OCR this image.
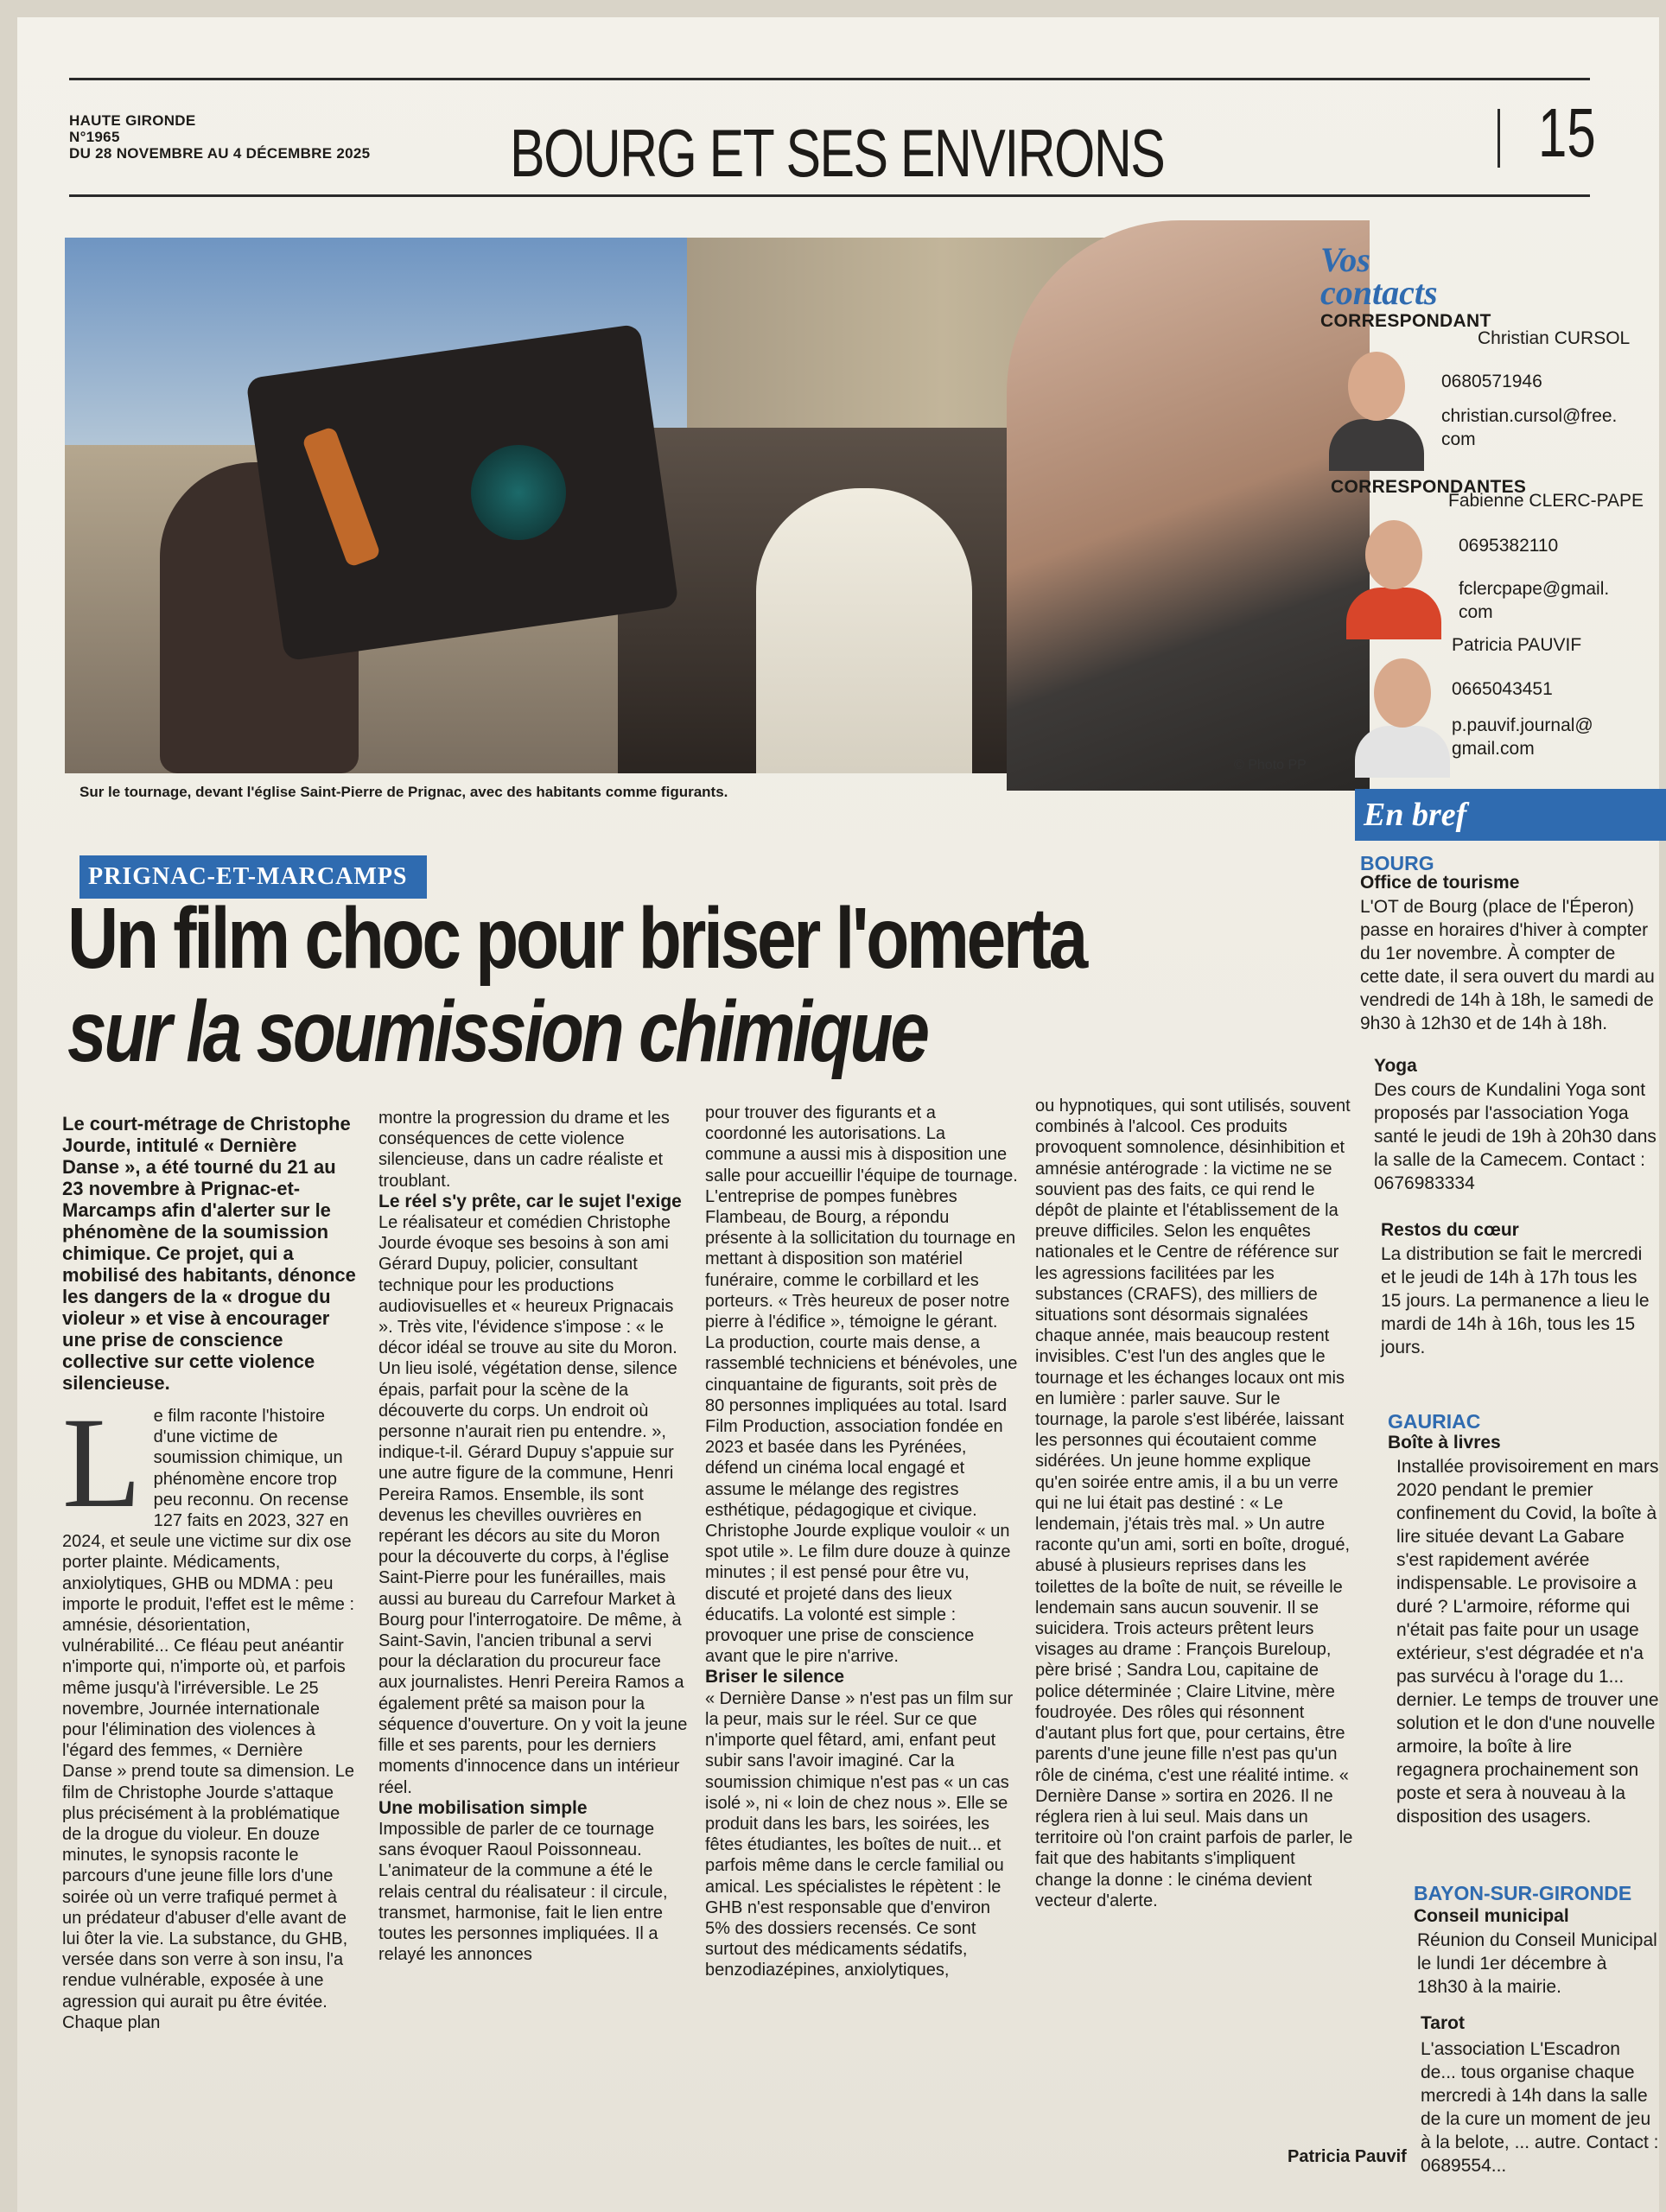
HAUTE GIRONDE
N°1965
DU 28 NOVEMBRE AU 4 DÉCEMBRE 2025 BOURG ET SES ENVIRONS	15
© Photo PP
Sur le tournage, devant l'église Saint-Pierre de Prignac, avec des habitants comme figurants.
PRIGNAC-ET-MARCAMPS
Un film choc pour briser l'omerta
sur la soumission chimique

Le court-métrage de Christophe Jourde, intitulé « Dernière Danse », a été tourné du 21 au 23 novembre à Prignac-et-Marcamps afin d'alerter sur le phénomène de la soumission chimique. Ce projet, qui a mobilisé des habitants, dénonce les dangers de la « drogue du violeur » et vise à encourager une prise de conscience collective sur cette violence silencieuse.

L e film raconte l'histoire d'une victime de soumission chimique, un phénomène encore trop peu reconnu. On recense 127 faits en 2023, 327 en 2024, et seule une victime sur dix ose porter plainte. Médicaments, anxiolytiques, GHB ou MDMA : peu importe le produit, l'effet est le même : amnésie, désorientation, vulnérabilité... Ce fléau peut anéantir n'importe qui, n'importe où, et parfois même jusqu'à l'irréversible. Le 25 novembre, Journée internationale pour l'élimination des violences à l'égard des femmes, « Dernière Danse » prend toute sa dimension. Le film de Christophe Jourde s'attaque plus précisément à la problématique de la drogue du violeur. En douze minutes, le synopsis raconte le parcours d'une jeune fille lors d'une soirée où un verre trafiqué permet à un prédateur d'abuser d'elle avant de lui ôter la vie. La substance, du GHB, versée dans son verre à son insu, l'a rendue vulnérable, exposée à une agression qui aurait pu être évitée. Chaque plan

montre la progression du drame et les conséquences de cette violence silencieuse, dans un cadre réaliste et troublant.

Le réel s'y prête, car le sujet l'exige

Le réalisateur et comédien Christophe Jourde évoque ses besoins à son ami Gérard Dupuy, policier, consultant technique pour les productions audiovisuelles et « heureux Prignacais ». Très vite, l'évidence s'impose : « le décor idéal se trouve au site du Moron. Un lieu isolé, végétation dense, silence épais, parfait pour la scène de la découverte du corps. Un endroit où personne n'aurait rien pu entendre. », indique-t-il. Gérard Dupuy s'appuie sur une autre figure de la commune, Henri Pereira Ramos. Ensemble, ils sont devenus les chevilles ouvrières en repérant les décors au site du Moron pour la découverte du corps, à l'église Saint-Pierre pour les funérailles, mais aussi au bureau du Carrefour Market à Bourg pour l'interrogatoire. De même, à Saint-Savin, l'ancien tribunal a servi pour la déclaration du procureur face aux journalistes. Henri Pereira Ramos a également prêté sa maison pour la séquence d'ouverture. On y voit la jeune fille et ses parents, pour les derniers moments d'innocence dans un intérieur réel.

Une mobilisation simple

Impossible de parler de ce tournage sans évoquer Raoul Poissonneau. L'animateur de la commune a été le relais central du réalisateur : il circule, transmet, harmonise, fait le lien entre toutes les personnes impliquées. Il a relayé les annonces

pour trouver des figurants et a coordonné les autorisations. La commune a aussi mis à disposition une salle pour accueillir l'équipe de tournage. L'entreprise de pompes funèbres Flambeau, de Bourg, a répondu présente à la sollicitation du tournage en mettant à disposition son matériel funéraire, comme le corbillard et les porteurs. « Très heureux de poser notre pierre à l'édifice », témoigne le gérant. La production, courte mais dense, a rassemblé techniciens et bénévoles, une cinquantaine de figurants, soit près de 80 personnes impliquées au total. Isard Film Production, association fondée en 2023 et basée dans les Pyrénées, défend un cinéma local engagé et assume le mélange des registres esthétique, pédagogique et civique. Christophe Jourde explique vouloir « un spot utile ». Le film dure douze à quinze minutes ; il est pensé pour être vu, discuté et projeté dans des lieux éducatifs. La volonté est simple : provoquer une prise de conscience avant que le pire n'arrive.

Briser le silence

« Dernière Danse » n'est pas un film sur la peur, mais sur le réel. Sur ce que n'importe quel fêtard, ami, enfant peut subir sans l'avoir imaginé. Car la soumission chimique n'est pas « un cas isolé », ni « loin de chez nous ». Elle se produit dans les bars, les soirées, les fêtes étudiantes, les boîtes de nuit... et parfois même dans le cercle familial ou amical. Les spécialistes le répètent : le GHB n'est responsable que d'environ 5% des dossiers recensés. Ce sont surtout des médicaments sédatifs, benzodiazépines, anxiolytiques,

ou hypnotiques, qui sont utilisés, souvent combinés à l'alcool. Ces produits provoquent somnolence, désinhibition et amnésie antérograde : la victime ne se souvient pas des faits, ce qui rend le dépôt de plainte et l'établissement de la preuve difficiles. Selon les enquêtes nationales et le Centre de référence sur les agressions facilitées par les substances (CRAFS), des milliers de situations sont désormais signalées chaque année, mais beaucoup restent invisibles. C'est l'un des angles que le tournage et les échanges locaux ont mis en lumière : parler sauve. Sur le tournage, la parole s'est libérée, laissant les personnes qui écoutaient comme sidérées. Un jeune homme explique qu'en soirée entre amis, il a bu un verre qui ne lui était pas destiné : « Le lendemain, j'étais très mal. » Un autre raconte qu'un ami, sorti en boîte, drogué, abusé à plusieurs reprises dans les toilettes de la boîte de nuit, se réveille le lendemain sans aucun souvenir. Il se suicidera. Trois acteurs prêtent leurs visages au drame : François Bureloup, père brisé ; Sandra Lou, capitaine de police déterminée ; Claire Litvine, mère foudroyée. Des rôles qui résonnent d'autant plus fort que, pour certains, être parents d'une jeune fille n'est pas qu'un rôle de cinéma, c'est une réalité intime. « Dernière Danse » sortira en 2026. Il ne réglera rien à lui seul. Mais dans un territoire où l'on craint parfois de parler, le fait que des habitants s'impliquent change la donne : le cinéma devient vecteur d'alerte.

Patricia Pauvif
Vos
contacts
CORRESPONDANT
Christian CURSOL
0680571946
christian.cursol@free.
com
CORRESPONDANTES
Fabienne CLERC-PAPE
0695382110
fclercpape@gmail.
com
Patricia PAUVIF
0665043451
p.pauvif.journal@
gmail.com
En bref
BOURG
Office de tourisme
L'OT de Bourg (place de l'Éperon) passe en horaires d'hiver à compter du 1er novembre. À compter de cette date, il sera ouvert du mardi au vendredi de 14h à 18h, le samedi de 9h30 à 12h30 et de 14h à 18h.
Yoga
Des cours de Kundalini Yoga sont proposés par l'association Yoga santé le jeudi de 19h à 20h30 dans la salle de la Camecem. Contact : 0676983334
Restos du cœur
La distribution se fait le mercredi et le jeudi de 14h à 17h tous les 15 jours. La permanence a lieu le mardi de 14h à 16h, tous les 15 jours.
GAURIAC
Boîte à livres
Installée provisoirement en mars 2020 pendant le premier confinement du Covid, la boîte à lire située devant La Gabare s'est rapidement avérée indispensable. Le provisoire a duré ? L'armoire, réforme qui n'était pas faite pour un usage extérieur, s'est dégradée et n'a pas survécu à l'orage du 1... dernier. Le temps de trouver une solution et le don d'une nouvelle armoire, la boîte à lire regagnera prochainement son poste et sera à nouveau à la disposition des usagers.
BAYON-SUR-GIRONDE
Conseil municipal
Réunion du Conseil Municipal le lundi 1er décembre à 18h30 à la mairie.
Tarot
L'association L'Escadron de... tous organise chaque mercredi à 14h dans la salle de la cure un moment de jeu à la belote, ... autre. Contact : 0689554...
